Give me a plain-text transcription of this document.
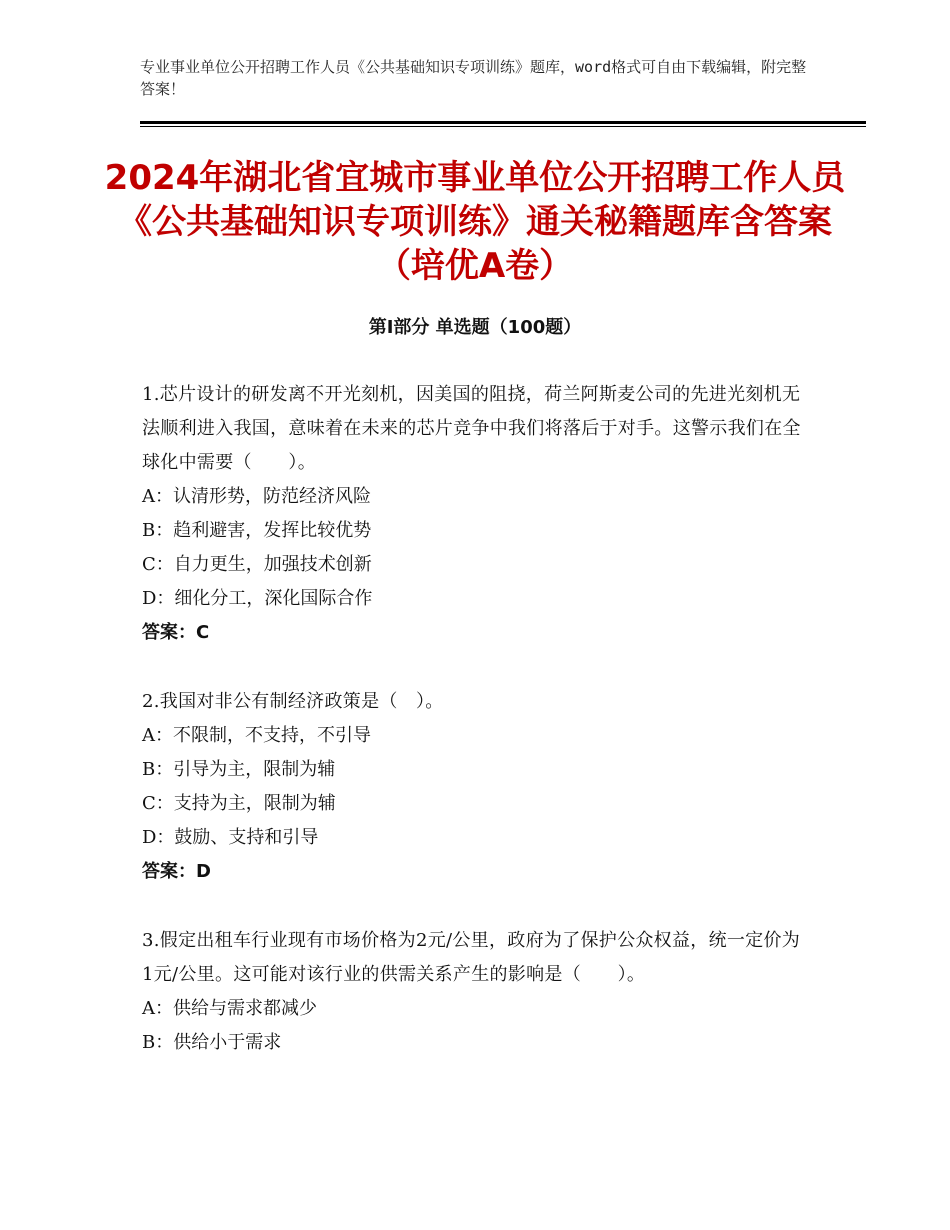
专业事业单位公开招聘工作人员《公共基础知识专项训练》题库，word格式可自由下载编辑，附完整答案！
2024年湖北省宜城市事业单位公开招聘工作人员《公共基础知识专项训练》通关秘籍题库含答案（培优A卷）
第Ⅰ部分 单选题（100题）

1.芯片设计的研发离不开光刻机，因美国的阻挠，荷兰阿斯麦公司的先进光刻机无法顺利进入我国，意味着在未来的芯片竞争中我们将落后于对手。这警示我们在全球化中需要（　　）。

A：认清形势，防范经济风险

B：趋利避害，发挥比较优势

C：自力更生，加强技术创新

D：细化分工，深化国际合作

答案：C

2.我国对非公有制经济政策是（　）。

A：不限制，不支持，不引导

B：引导为主，限制为辅

C：支持为主，限制为辅

D：鼓励、支持和引导

答案：D

3.假定出租车行业现有市场价格为2元/公里，政府为了保护公众权益，统一定价为1元/公里。这可能对该行业的供需关系产生的影响是（　　）。

A：供给与需求都减少

B：供给小于需求
